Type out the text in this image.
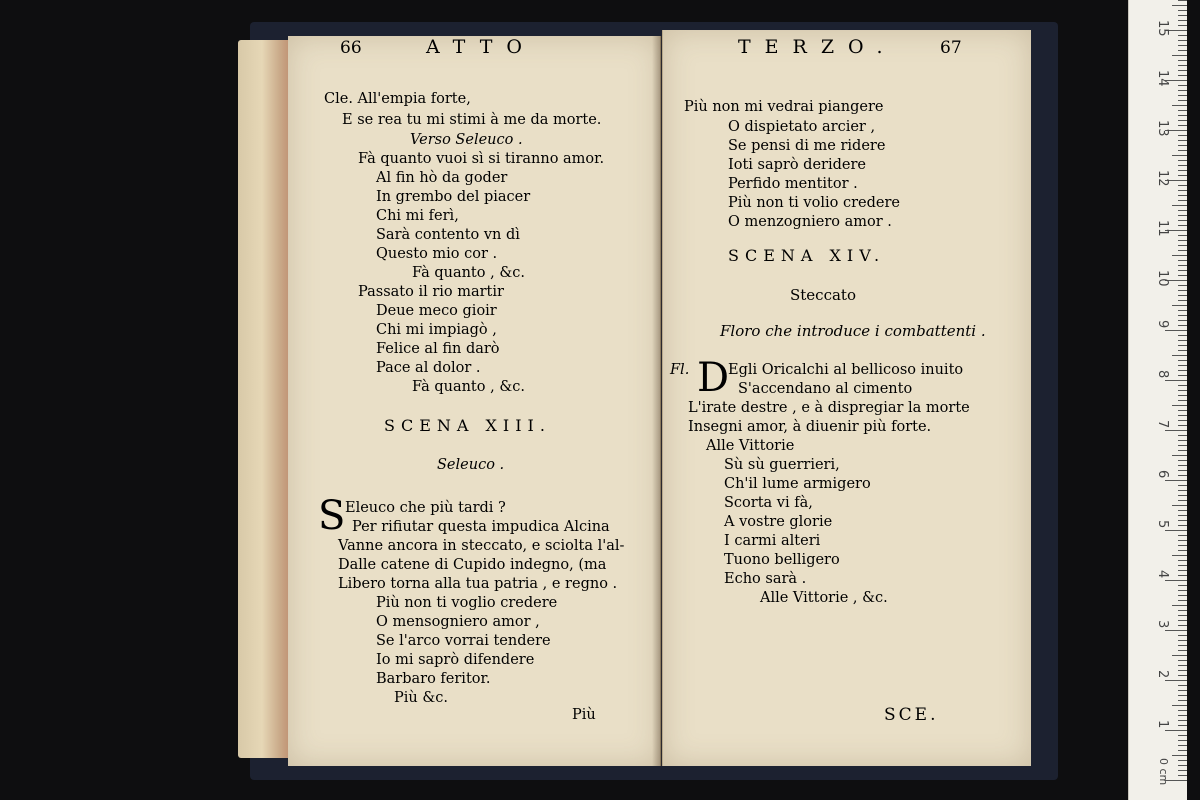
66	ATTO
Cle. All'empia forte,
E se rea tu mi stimi à me da morte.
Verso Seleuco .
Fà quanto vuoi sì si tiranno amor.
Al fin hò da goder
In grembo del piacer
Chi mi ferì,
Sarà contento vn dì
Questo mio cor .
Fà quanto , &c.
Passato il rio martir
Deue meco gioir
Chi mi impiagò ,
Felice al fin darò
Pace al dolor .
Fà quanto , &c.
SCENA XIII.
Seleuco .
S Eleuco che più tardi ?
Per rifiutar questa impudica Alcina
Vanne ancora in steccato, e sciolta l'al-
Dalle catene di Cupido indegno, (ma
Libero torna alla tua patria , e regno .
Più non ti voglio credere
O mensogniero amor ,
Se l'arco vorrai tendere
Io mi saprò difendere
Barbaro feritor.
Più &c.
Più
TERZO.	67
Più non mi vedrai piangere
O dispietato arcier ,
Se pensi di me ridere
Ioti saprò deridere
Perfido mentitor .
Più non ti volio credere
O menzogniero amor .
SCENA XIV.
Steccato
Floro che introduce i combattenti .
Fl. D
Egli Oricalchi al bellicoso inuito
S'accendano al cimento
L'irate destre , e à dispregiar la morte
Insegni amor, à diuenir più forte.
Alle Vittorie
Sù sù guerrieri,
Ch'il lume armigero
Scorta vi fà,
A vostre glorie
I carmi alteri
Tuono belligero
Echo sarà .
Alle Vittorie , &c.
SCE.
15
14
13
12
11
10
9
8
7
6
5
4
3
2
1
0 cm
